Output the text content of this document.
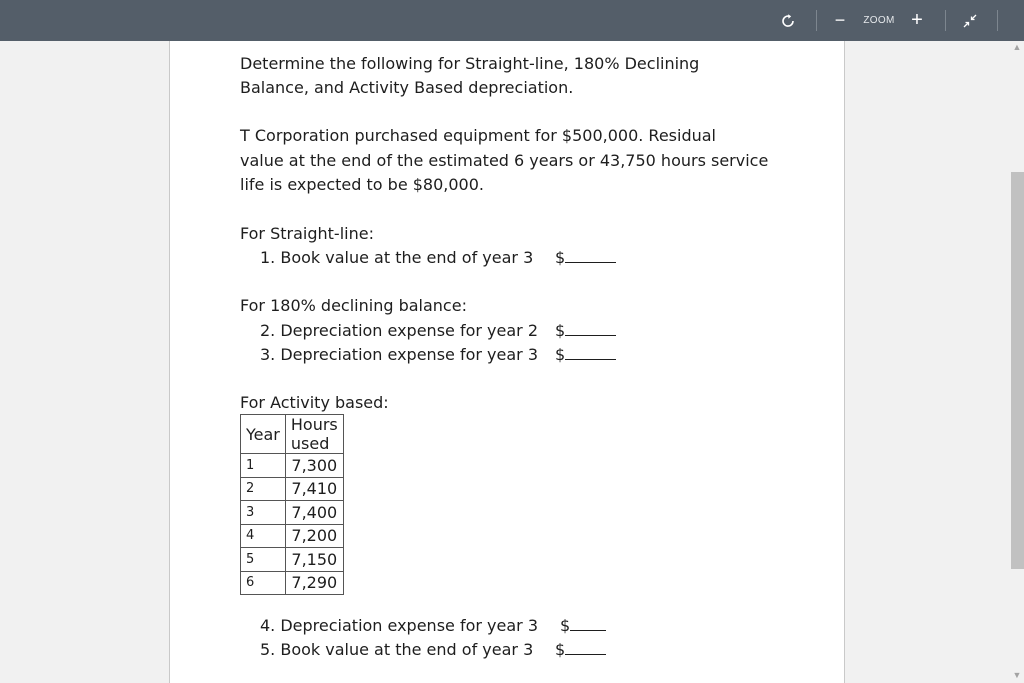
−	ZOOM +
Determine the following for Straight-line, 180% Declining
Balance, and Activity Based depreciation.
T Corporation purchased equipment for $500,000. Residual
value at the end of the estimated 6 years or 43,750 hours service
life is expected to be $80,000.
For Straight-line:
1. Book value at the end of year 3 $
For 180% declining balance:
2. Depreciation expense for year 2 $
3. Depreciation expense for year 3 $
For Activity based:
Year	Hours used
1	7,300
2	7,410
3	7,400
4	7,200
5	7,150
6	7,290
4. Depreciation expense for year 3 $
5. Book value at the end of year 3 $
▲
▼
